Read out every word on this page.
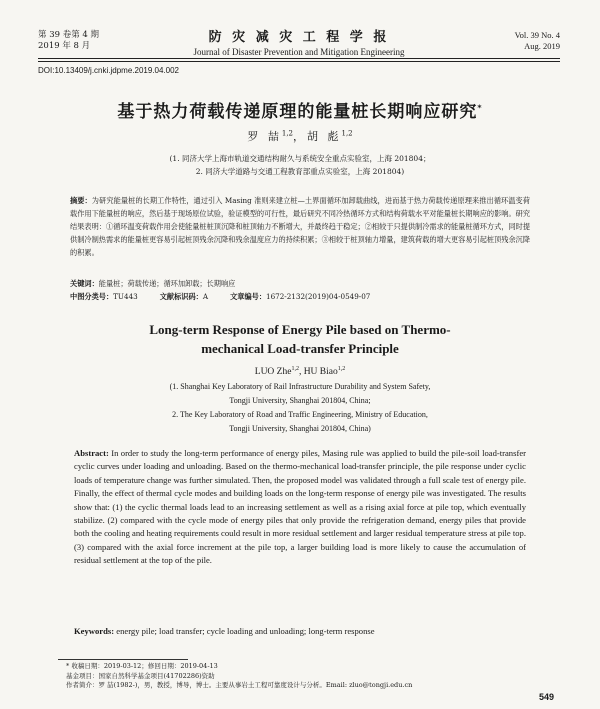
第 39 卷第 4 期
2019 年 8 月
防 灾 减 灾 工 程 学 报
Journal of Disaster Prevention and Mitigation Engineering
Vol. 39 No. 4
Aug. 2019
DOI:10.13409/j.cnki.jdpme.2019.04.002
基于热力荷载传递原理的能量桩长期响应研究*
罗 喆$^{1,2}$，胡 彪$^{1,2}$
(1. 同济大学上海市轨道交通结构耐久与系统安全重点实验室，上海 201804；
2. 同济大学道路与交通工程教育部重点实验室，上海 201804)
摘要：为研究能量桩的长期工作特性，通过引入 Masing 准则来建立桩—土界面循环加卸载曲线，进而基于热力荷载传递原理来推出循环温变荷载作用下能量桩的响应，然后基于现场原位试验，验证模型的可行性，最后研究不同冷热循环方式和结构荷载水平对能量桩长期响应的影响。研究结果表明：①循环温变荷载作用会使能量桩桩顶沉降和桩顶轴力不断增大，并最终趋于稳定；②相较于只提供制冷需求的能量桩循环方式，同时提供制冷制热需求的能量桩更容易引起桩顶残余沉降和残余温度应力的持续积累；③相较于桩顶轴力增量，建筑荷载的增大更容易引起桩顶残余沉降的积累。
关键词：能量桩；荷载传递；循环加卸载；长期响应
中图分类号：TU443	文献标识码：A	文章编号：1672-2132(2019)04-0549-07
Long-term Response of Energy Pile based on Thermo-
mechanical Load-transfer Principle
LUO Zhe$^{1,2}$, HU Biao$^{1,2}$
(1. Shanghai Key Laboratory of Rail Infrastructure Durability and System Safety,
Tongji University, Shanghai 201804, China;
2. The Key Laboratory of Road and Traffic Engineering, Ministry of Education,
Tongji University, Shanghai 201804, China)
Abstract: In order to study the long-term performance of energy piles, Masing rule was applied to build the pile-soil load-transfer cyclic curves under loading and unloading. Based on the thermo-mechanical load-transfer principle, the pile response under cyclic loads of temperature change was further simulated. Then, the proposed model was validated through a full scale test of energy pile. Finally, the effect of thermal cycle modes and building loads on the long-term response of energy pile was investigated. The results show that: (1) the cyclic thermal loads lead to an increasing settlement as well as a rising axial force at pile top, which eventually stabilize. (2) compared with the cycle mode of energy piles that only provide the refrigeration demand, energy piles that provide both the cooling and heating requirements could result in more residual settlement and larger residual temperature stress at pile top. (3) compared with the axial force increment at the pile top, a larger building load is more likely to cause the accumulation of residual settlement at the top of the pile.
Keywords: energy pile; load transfer; cycle loading and unloading; long-term response
* 收稿日期：2019-03-12；修回日期：2019-04-13
基金项目：国家自然科学基金项目(41702286)资助
作者简介：罗 喆(1982-)，男，教授，博导，博士。主要从事岩土工程可靠度设计与分析。Email: zluo@tongji.edu.cn
549
